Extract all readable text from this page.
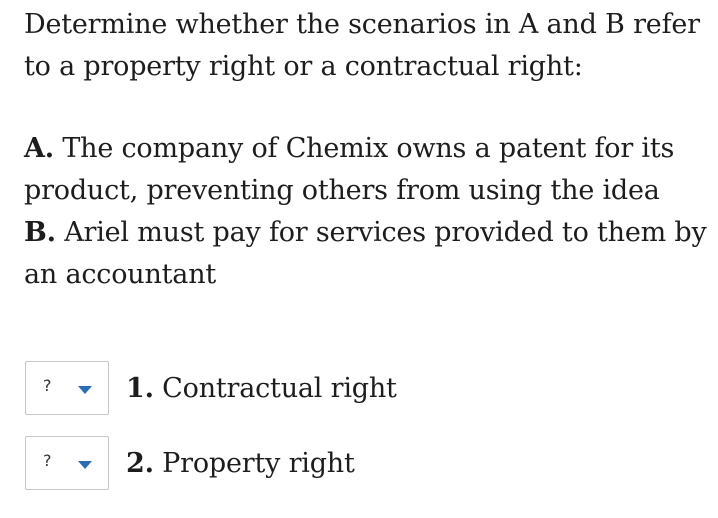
Determine whether the scenarios in A and B refer to a property right or a contractual right:

A. The company of Chemix owns a patent for its product, preventing others from using the idea

B. Ariel must pay for services provided to them by an accountant

?	1. Contractual right
?	2. Property right
